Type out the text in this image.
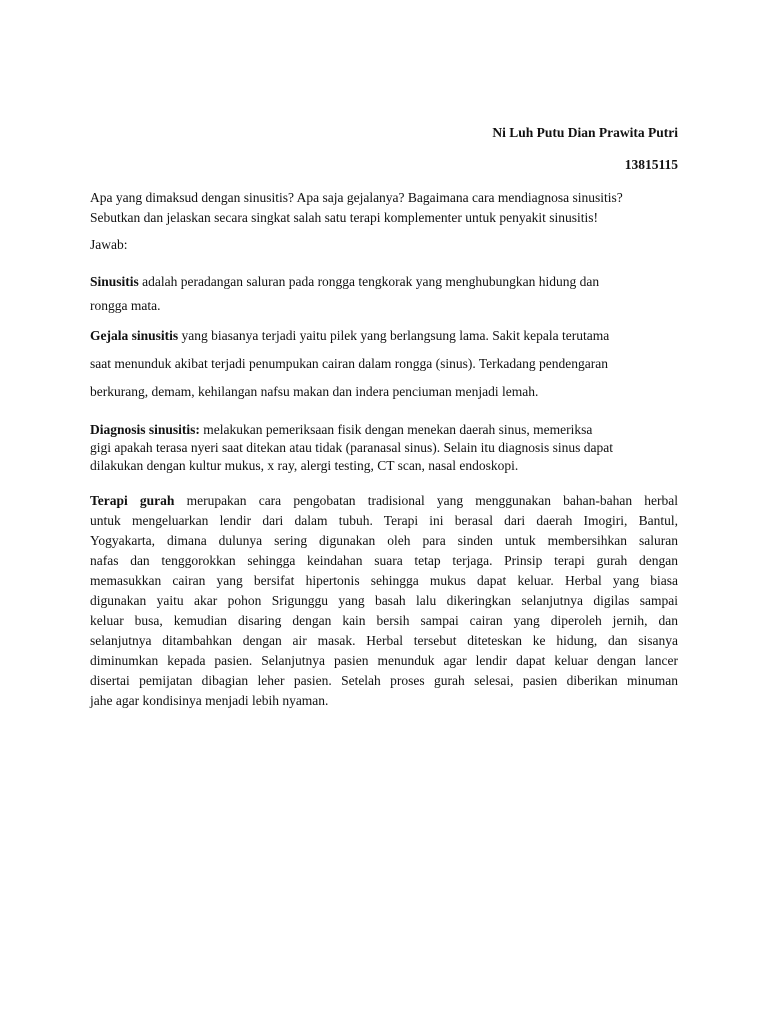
Ni Luh Putu Dian Prawita Putri
13815115

Apa yang dimaksud dengan sinusitis? Apa saja gejalanya? Bagaimana cara mendiagnosa sinusitis?
Sebutkan dan jelaskan secara singkat salah satu terapi komplementer untuk penyakit sinusitis!

Jawab:

Sinusitis adalah peradangan saluran pada rongga tengkorak yang menghubungkan hidung dan
rongga mata.

Gejala sinusitis yang biasanya terjadi yaitu pilek yang berlangsung lama. Sakit kepala terutama
saat menunduk akibat terjadi penumpukan cairan dalam rongga (sinus). Terkadang pendengaran
berkurang, demam, kehilangan nafsu makan dan indera penciuman menjadi lemah.

Diagnosis sinusitis: melakukan pemeriksaan fisik dengan menekan daerah sinus, memeriksa
gigi apakah terasa nyeri saat ditekan atau tidak (paranasal sinus). Selain itu diagnosis sinus dapat
dilakukan dengan kultur mukus, x ray, alergi testing, CT scan, nasal endoskopi.

Terapi gurah merupakan cara pengobatan tradisional yang menggunakan bahan-bahan herbal
untuk mengeluarkan lendir dari dalam tubuh. Terapi ini berasal dari daerah Imogiri, Bantul,
Yogyakarta, dimana dulunya sering digunakan oleh para sinden untuk membersihkan saluran
nafas dan tenggorokkan sehingga keindahan suara tetap terjaga. Prinsip terapi gurah dengan
memasukkan cairan yang bersifat hipertonis sehingga mukus dapat keluar. Herbal yang biasa
digunakan yaitu akar pohon Srigunggu yang basah lalu dikeringkan selanjutnya digilas sampai
keluar busa, kemudian disaring dengan kain bersih sampai cairan yang diperoleh jernih, dan
selanjutnya ditambahkan dengan air masak. Herbal tersebut diteteskan ke hidung, dan sisanya
diminumkan kepada pasien. Selanjutnya pasien menunduk agar lendir dapat keluar dengan lancer
disertai pemijatan dibagian leher pasien. Setelah proses gurah selesai, pasien diberikan minuman
jahe agar kondisinya menjadi lebih nyaman.
